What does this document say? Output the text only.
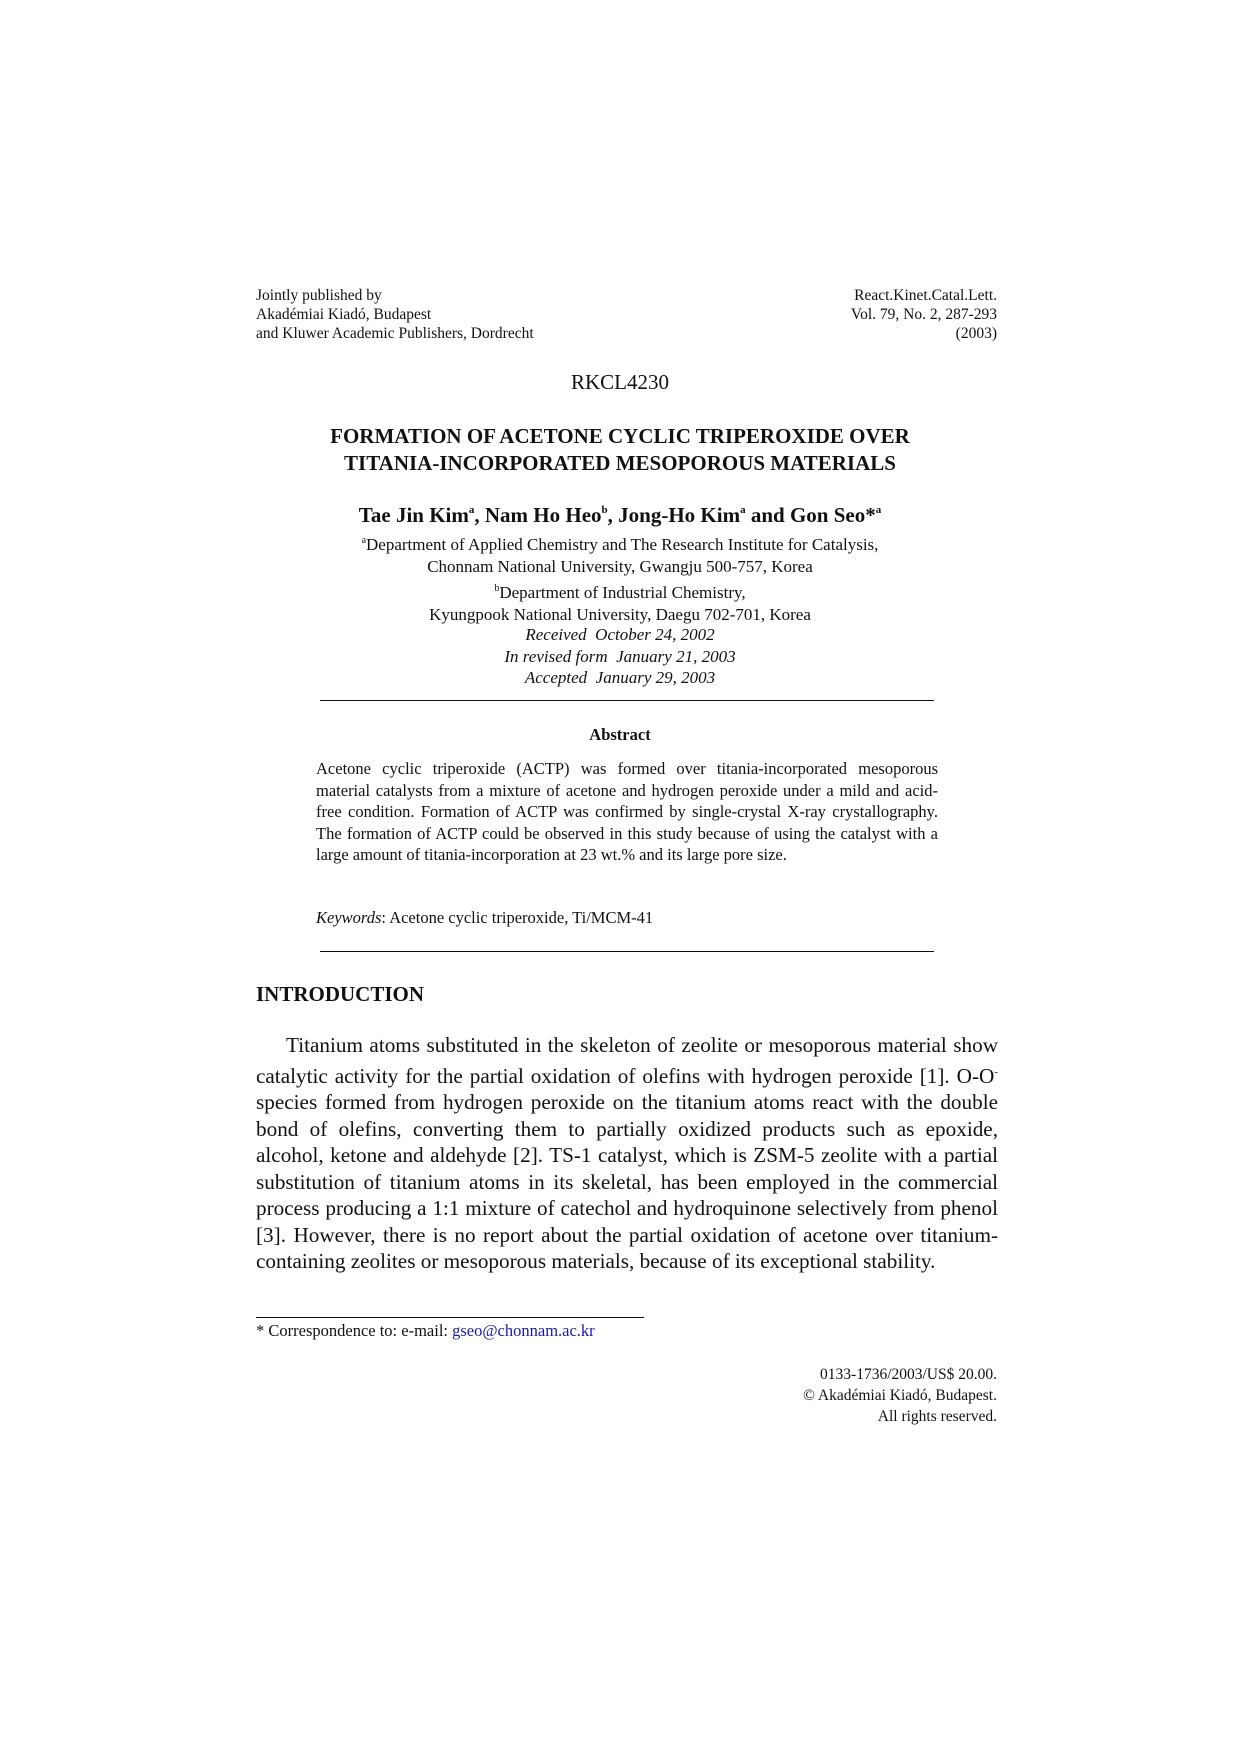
Jointly published by
Akadémiai Kiadó, Budapest
and Kluwer Academic Publishers, Dordrecht
React.Kinet.Catal.Lett.
Vol. 79, No. 2, 287-293
(2003)
RKCL4230
FORMATION OF ACETONE CYCLIC TRIPEROXIDE OVER
TITANIA-INCORPORATED MESOPOROUS MATERIALS
Tae Jin Kim$^a$, Nam Ho Heo$^b$, Jong-Ho Kim$^a$ and Gon Seo*$^a$
$^a$Department of Applied Chemistry and The Research Institute for Catalysis,
Chonnam National University, Gwangju 500-757, Korea
$^b$Department of Industrial Chemistry,
Kyungpook National University, Daegu 702-701, Korea
Received  October 24, 2002
In revised form  January 21, 2003
Accepted  January 29, 2003
Abstract
Acetone cyclic triperoxide (ACTP) was formed over titania-incorporated mesoporous material catalysts from a mixture of acetone and hydrogen peroxide under a mild and acid-free condition. Formation of ACTP was confirmed by single-crystal X-ray crystallography. The formation of ACTP could be observed in this study because of using the catalyst with a large amount of titania-incorporation at 23 wt.% and its large pore size.
Keywords: Acetone cyclic triperoxide, Ti/MCM-41
INTRODUCTION
Titanium atoms substituted in the skeleton of zeolite or mesoporous material show catalytic activity for the partial oxidation of olefins with hydrogen peroxide [1]. O-O- species formed from hydrogen peroxide on the titanium atoms react with the double bond of olefins, converting them to partially oxidized products such as epoxide, alcohol, ketone and aldehyde [2]. TS-1 catalyst, which is ZSM-5 zeolite with a partial substitution of titanium atoms in its skeletal, has been employed in the commercial process producing a 1:1 mixture of catechol and hydroquinone selectively from phenol [3]. However, there is no report about the partial oxidation of acetone over titanium-containing zeolites or mesoporous materials, because of its exceptional stability.
* Correspondence to: e-mail: gseo@chonnam.ac.kr
0133-1736/2003/US$ 20.00.
© Akadémiai Kiadó, Budapest.
All rights reserved.
